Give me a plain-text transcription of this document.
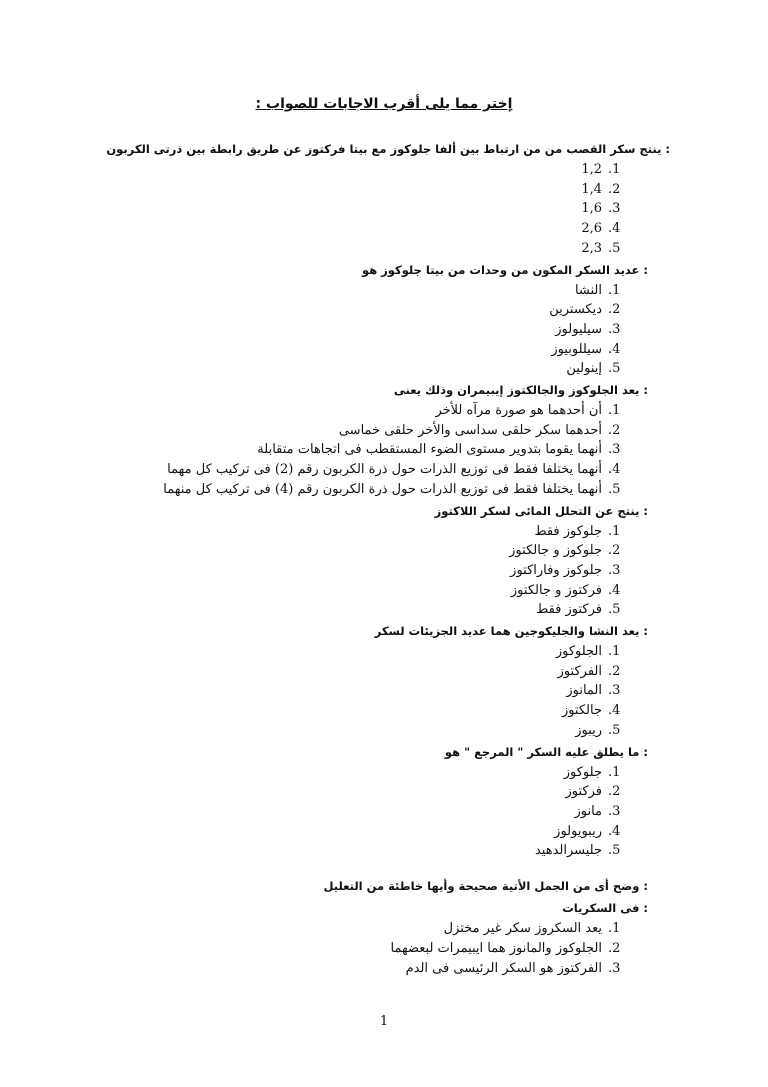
: إختر مما يلى أقرب الاجابات للصواب
: ينتج سكر القصب من من ارتباط بين ألفا جلوكوز مع بيتا فركتوز عن طريق رابطة بين ذرتى الكربون
.1
1,2
.2
1,4
.3
1,6
.4
2,6
.5
2,3
: عديد السكر المكون من وحدات من بيتا جلوكوز هو
.1
النشا
.2
ديكسترين
.3
سيليولوز
.4
سيللوبيوز
.5
إينولين
: يعد الجلوكوز والجالكتوز إيبيمران وذلك يعنى
.1
أن أحدهما هو صورة مرآه للأخر
.2
أحدهما سكر حلقى سداسى والأخر حلقى خماسى
.3
أنهما يقوما بتدوير مستوى الضوء المستقطب فى اتجاهات متقابلة
.4
أنهما يختلفا فقط فى توزيع الذرات حول ذرة الكربون رقم (2) فى تركيب كل مهما
.5
أنهما يختلفا فقط فى توزيع الذرات حول ذرة الكربون رقم (4) فى تركيب كل منهما
: ينتج عن التحلل المائى لسكر اللاكتوز
.1
جلوكوز فقط
.2
جلوكوز و جالكتوز
.3
جلوكوز وفاراكتوز
.4
فركتوز و جالكتوز
.5
فركتوز فقط
: يعد النشا والجليكوجين هما عديد الجزيئات لسكر
.1
الجلوكوز
.2
الفركتوز
.3
المانوز
.4
جالكتوز
.5
ريبوز
: ما يطلق عليه السكر " المرجع " هو
.1
جلوكوز
.2
فركتوز
.3
مانوز
.4
ريبويولوز
.5
جليسرالدهيد
: وضح أى من الجمل الأتية صحيحة وأيها خاطئة من التعليل
: فى السكريات
.1
يعد السكروز سكر غير مختزل
.2
الجلوكوز والمانوز هما ايبيمرات لبعضهما
.3
الفركتوز هو السكر الرئيسى فى الدم
1
